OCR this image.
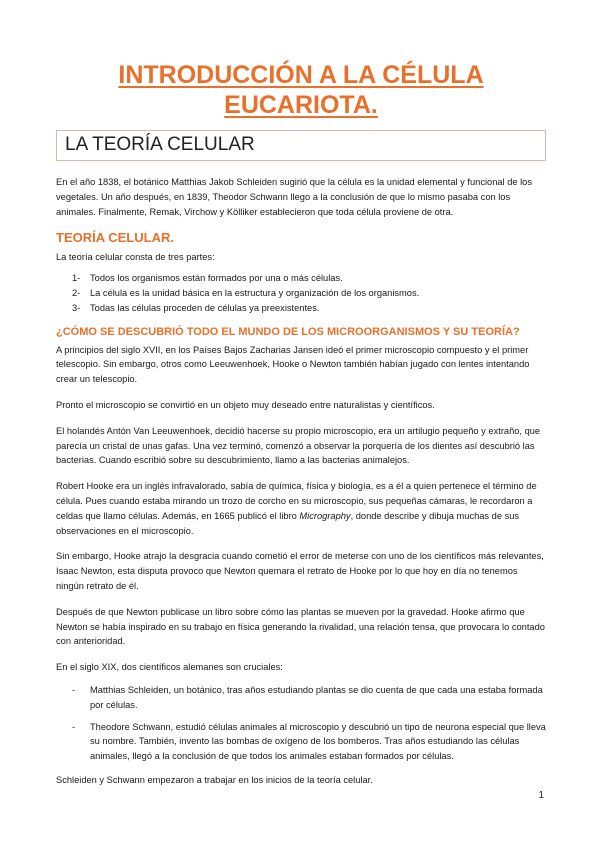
INTRODUCCIÓN A LA CÉLULA
EUCARIOTA.
LA TEORÍA CELULAR

En el año 1838, el botánico Matthias Jakob Schleiden sugirió que la célula es la unidad elemental y funcional de los vegetales. Un año después, en 1839, Theodor Schwann llego a la conclusión de que lo mismo pasaba con los animales. Finalmente, Remak, Virchow y Kölliker establecieron que toda célula proviene de otra.

TEORÍA CELULAR.

La teoría celular consta de tres partes:

1- Todos los organismos están formados por una o más células.
2- La célula es la unidad básica en la estructura y organización de los organismos.
3- Todas las células proceden de células ya preexistentes.
¿CÓMO SE DESCUBRIÓ TODO EL MUNDO DE LOS MICROORGANISMOS Y SU TEORÍA?

A principios del siglo XVII, en los Países Bajos Zacharias Jansen ideó el primer microscopio compuesto y el primer telescopio. Sin embargo, otros como Leeuwenhoek, Hooke o Newton también habían jugado con lentes intentando crear un telescopio.

Pronto el microscopio se convirtió en un objeto muy deseado entre naturalistas y científicos.

El holandés Antón Van Leeuwenhoek, decidió hacerse su propio microscopio, era un artilugio pequeño y extraño, que parecía un cristal de unas gafas. Una vez terminó, comenzó a observar la porquería de los dientes así descubrió las bacterias. Cuando escribió sobre su descubrimiento, llamo a las bacterias animalejos.

Robert Hooke era un inglés infravalorado, sabía de química, física y biología, es a él a quien pertenece el término de célula. Pues cuando estaba mirando un trozo de corcho en su microscopio, sus pequeñas cámaras, le recordaron a celdas que llamo células. Además, en 1665 publicó el libro Micrography, donde describe y dibuja muchas de sus observaciones en el microscopio.

Sin embargo, Hooke atrajo la desgracia cuando cometió el error de meterse con uno de los científicos más relevantes, Isaac Newton, esta disputa provoco que Newton quemara el retrato de Hooke por lo que hoy en día no tenemos ningún retrato de él.

Después de que Newton publicase un libro sobre cómo las plantas se mueven por la gravedad. Hooke afirmo que Newton se había inspirado en su trabajo en física generando la rivalidad, una relación tensa, que provocara lo contado con anterioridad.

En el siglo XIX, dos científicos alemanes son cruciales:

- Matthias Schleiden, un botánico, tras años estudiando plantas se dio cuenta de que cada una estaba formada por células.
- Theodore Schwann, estudió células animales al microscopio y descubrió un tipo de neurona especial que lleva su nombre. También, invento las bombas de oxígeno de los bomberos. Tras años estudiando las células animales, llegó a la conclusión de que todos los animales estaban formados por células.

Schleiden y Schwann empezaron a trabajar en los inicios de la teoría celular.

1
